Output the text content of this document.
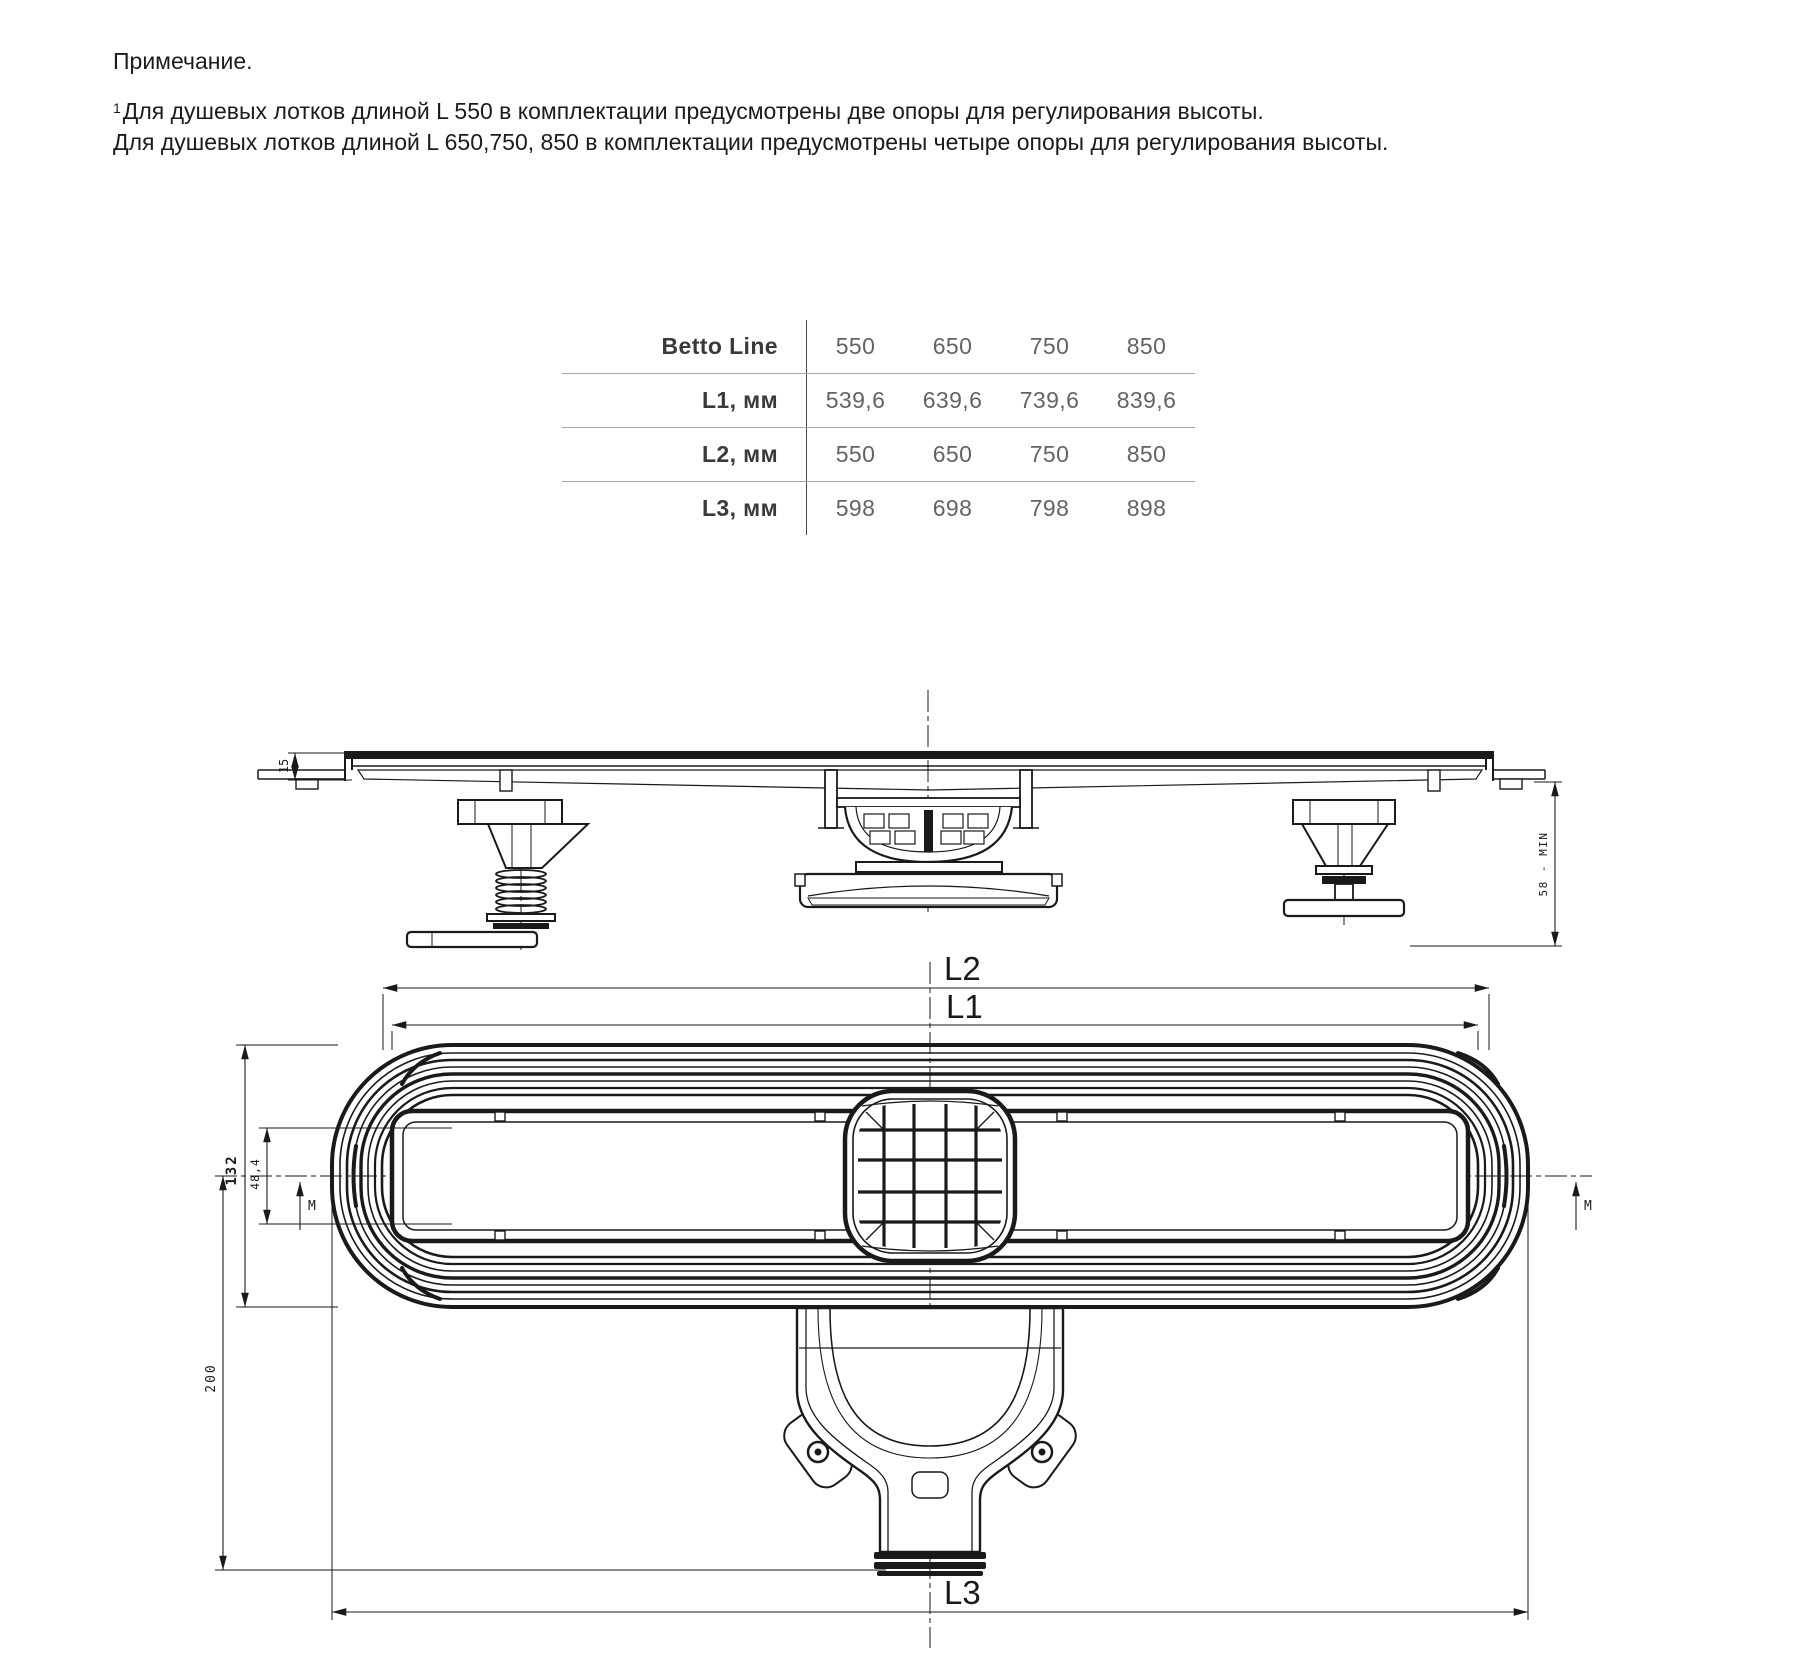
Примечание.
$^1$Для душевых лотков длиной L 550 в комплектации предусмотрены две опоры для регулирования высоты.
Для душевых лотков длиной L 650,750, 850 в комплектации предусмотрены четыре опоры для регулирования высоты.
Betto Line	550	650	750	850
L1, мм	539,6	639,6	739,6	839,6
L2, мм	550	650	750	850
L3, мм	598	698	798	898
15
58 - MIN
L2
L1
132 48,4
M	M
200
L3
